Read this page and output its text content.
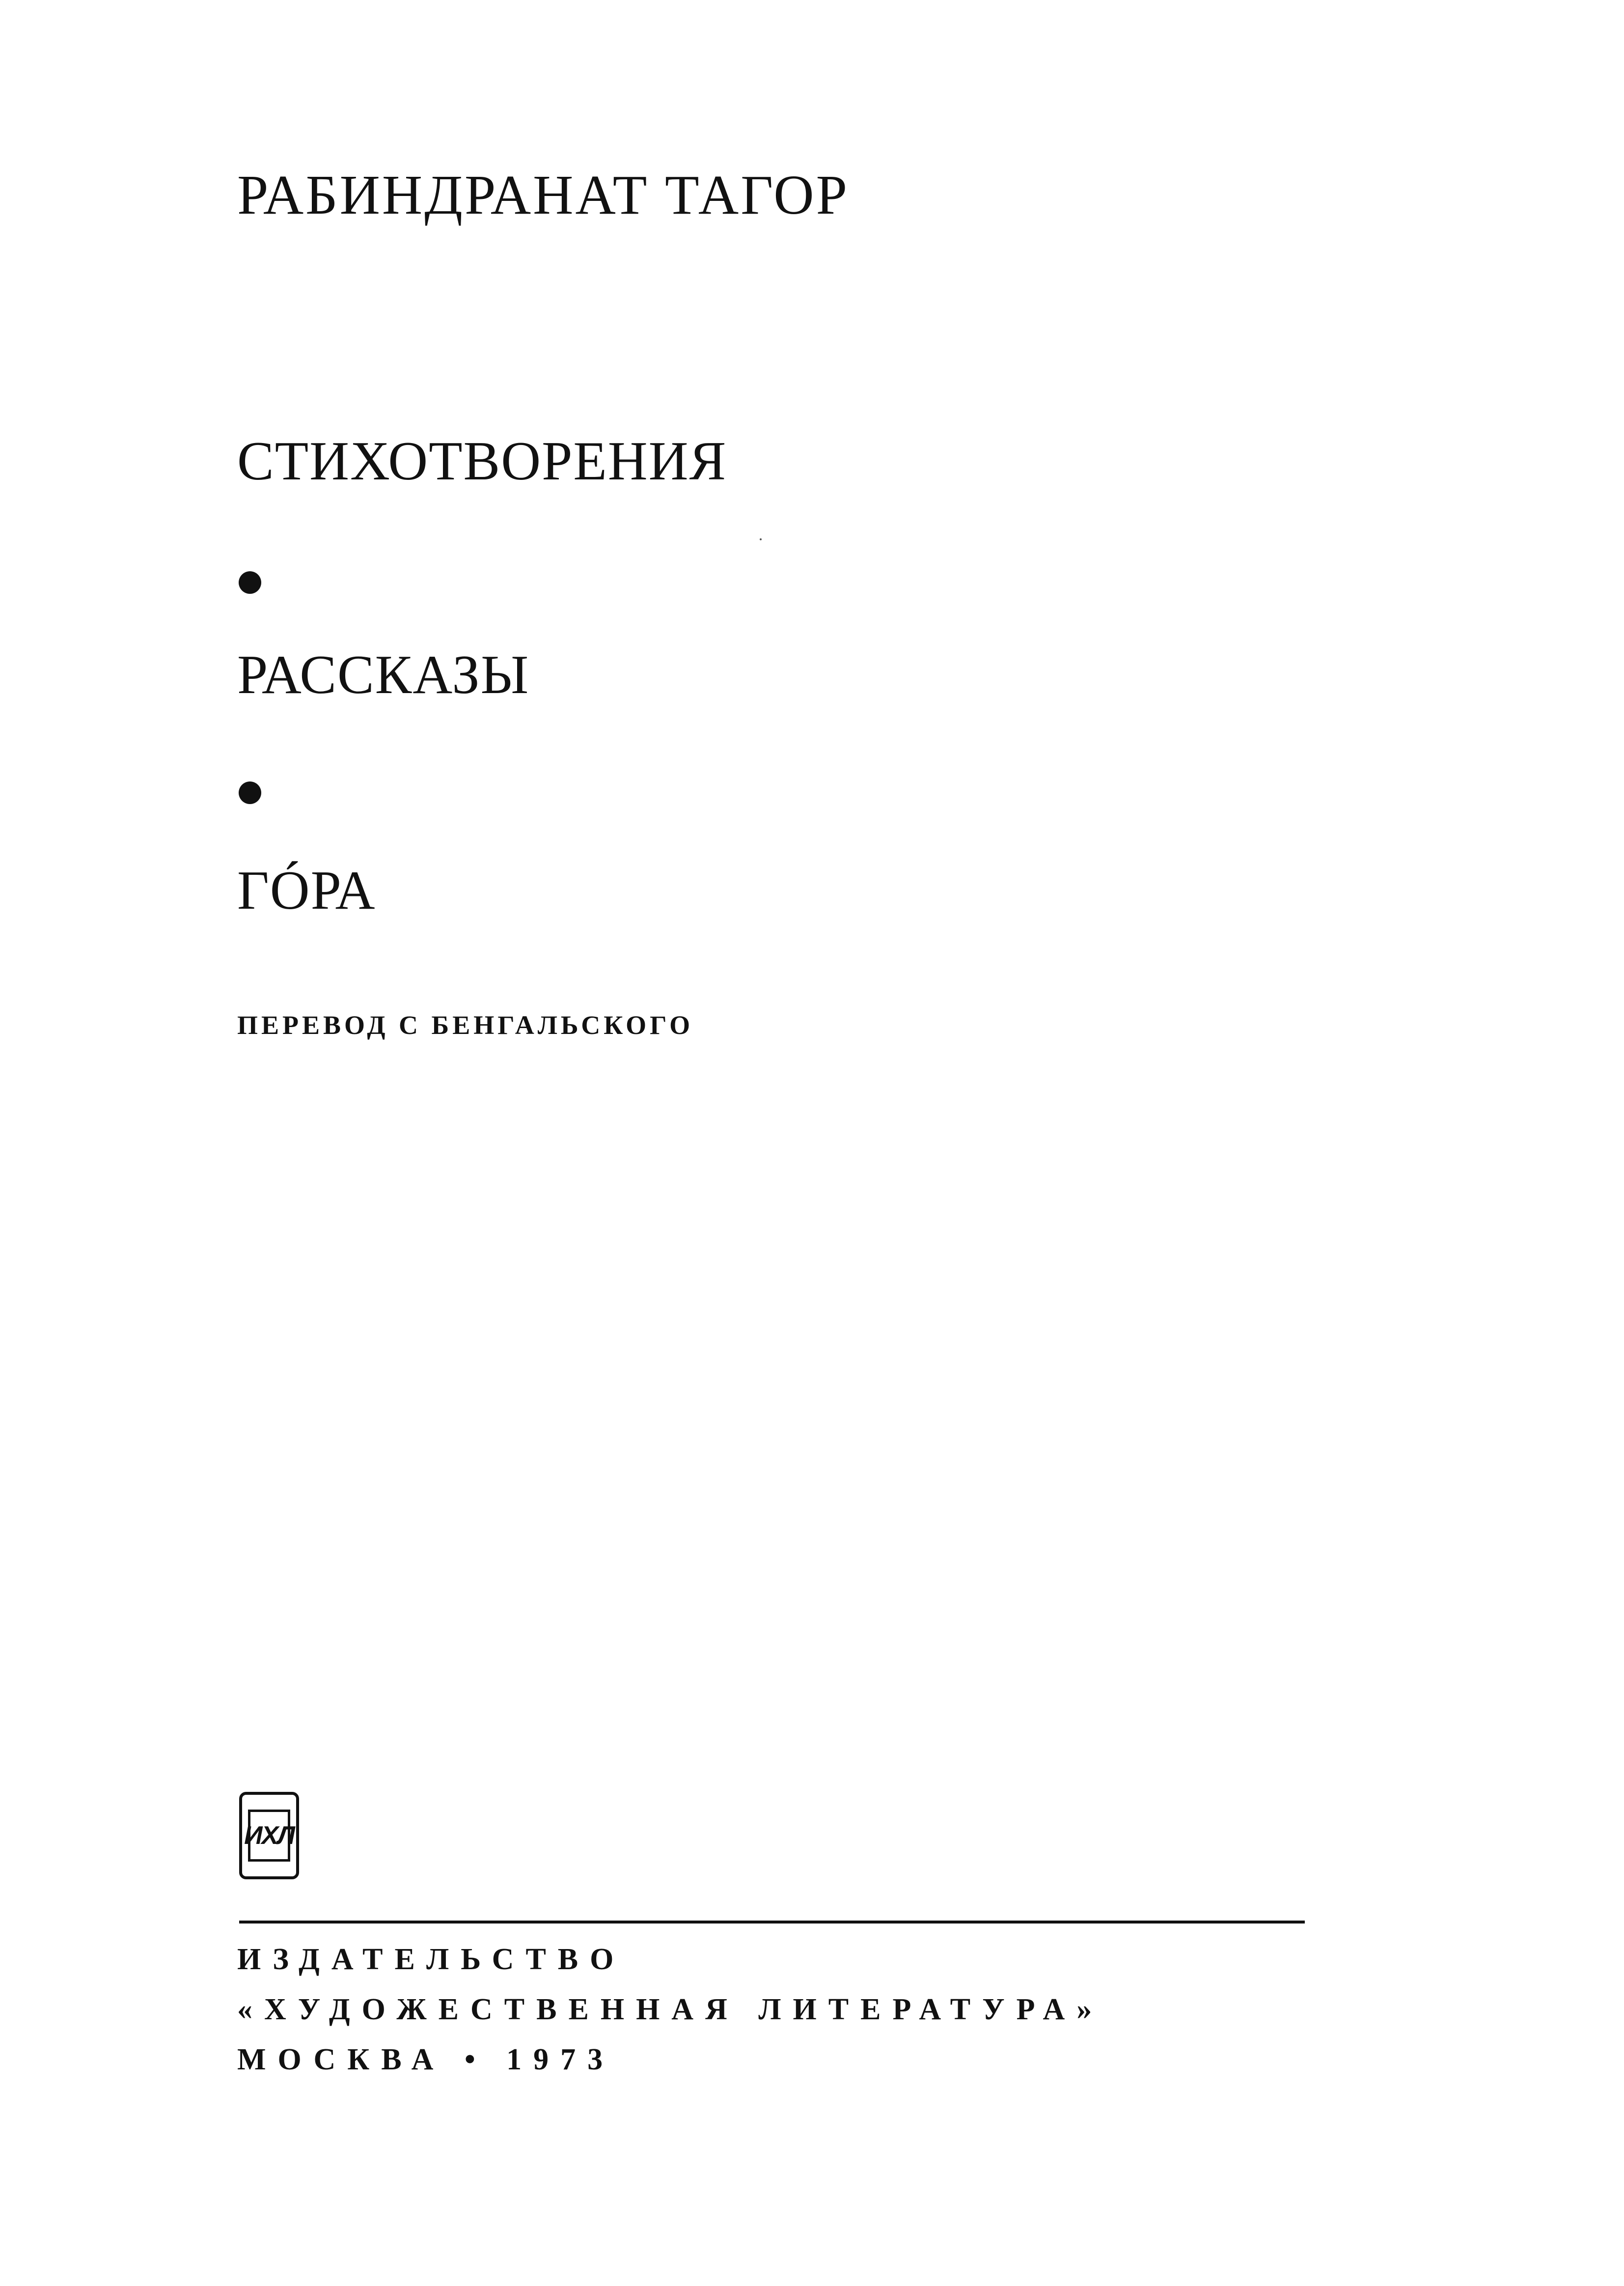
РАБИНДРАНАТ ТАГОР
СТИХОТВОРЕНИЯ
РАССКАЗЫ
ГÓРА
ПЕРЕВОД С БЕНГАЛЬСКОГО
ИХЛ
ИЗДАТЕЛЬСТВО
«ХУДОЖЕСТВЕННАЯ ЛИТЕРАТУРА»
МОСКВА • 1973
